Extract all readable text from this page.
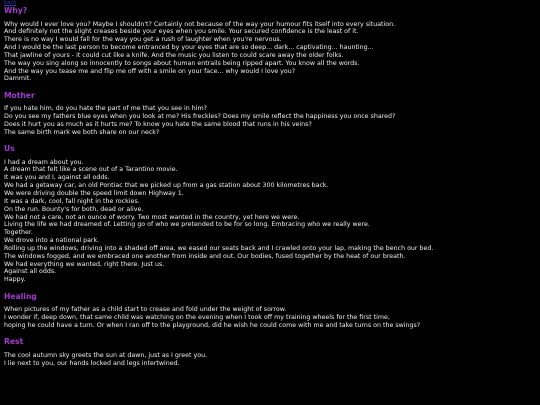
back
Why?
Why would I ever love you? Maybe I shouldn't? Certainly not because of the way your humour fits itself into every situation.
And definitely not the slight creases beside your eyes when you smile. Your secured confidence is the least of it.
There is no way I would fall for the way you get a rush of laughter when you're nervous.
And I would be the last person to become entranced by your eyes that are so deep... dark... captivating... haunting...
That jawline of yours - it could cut like a knife. And the music you listen to could scare away the older folks.
The way you sing along so innocently to songs about human entrails being ripped apart. You know all the words.
And the way you tease me and flip me off with a smile on your face... why would I love you?
Dammit.
Mother
If you hate him, do you hate the part of me that you see in him?
Do you see my fathers blue eyes when you look at me? His freckles? Does my smile reflect the happiness you once shared?
Does it hurt you as much as it hurts me? To know you hate the same blood that runs in his veins?
The same birth mark we both share on our neck?
Us
I had a dream about you.
A dream that felt like a scene out of a Tarantino movie.
It was you and I, against all odds.
We had a getaway car, an old Pontiac that we picked up from a gas station about 300 kilometres back.
We were driving double the speed limit down Highway 1.
It was a dark, cool, fall night in the rockies.
On the run. Bounty's for both, dead or alive.
We had not a care, not an ounce of worry. Two most wanted in the country, yet here we were.
Living the life we had dreamed of. Letting go of who we pretended to be for so long. Embracing who we really were.
Together.
We drove into a national park.
Rolling up the windows, driving into a shaded off area, we eased our seats back and I crawled onto your lap, making the bench our bed.
The windows fogged, and we embraced one another from inside and out. Our bodies, fused together by the heat of our breath.
We had everything we wanted, right there. Just us.
Against all odds.
Happy.
Healing
When pictures of my father as a child start to crease and fold under the weight of sorrow.
I wonder if, deep down, that same child was watching on the evening when I took off my training wheels for the first time,
hoping he could have a turn. Or when I ran off to the playground, did he wish he could come with me and take turns on the swings?
Rest
The cool autumn sky greets the sun at dawn, just as I greet you.
I lie next to you, our hands locked and legs intertwined.
